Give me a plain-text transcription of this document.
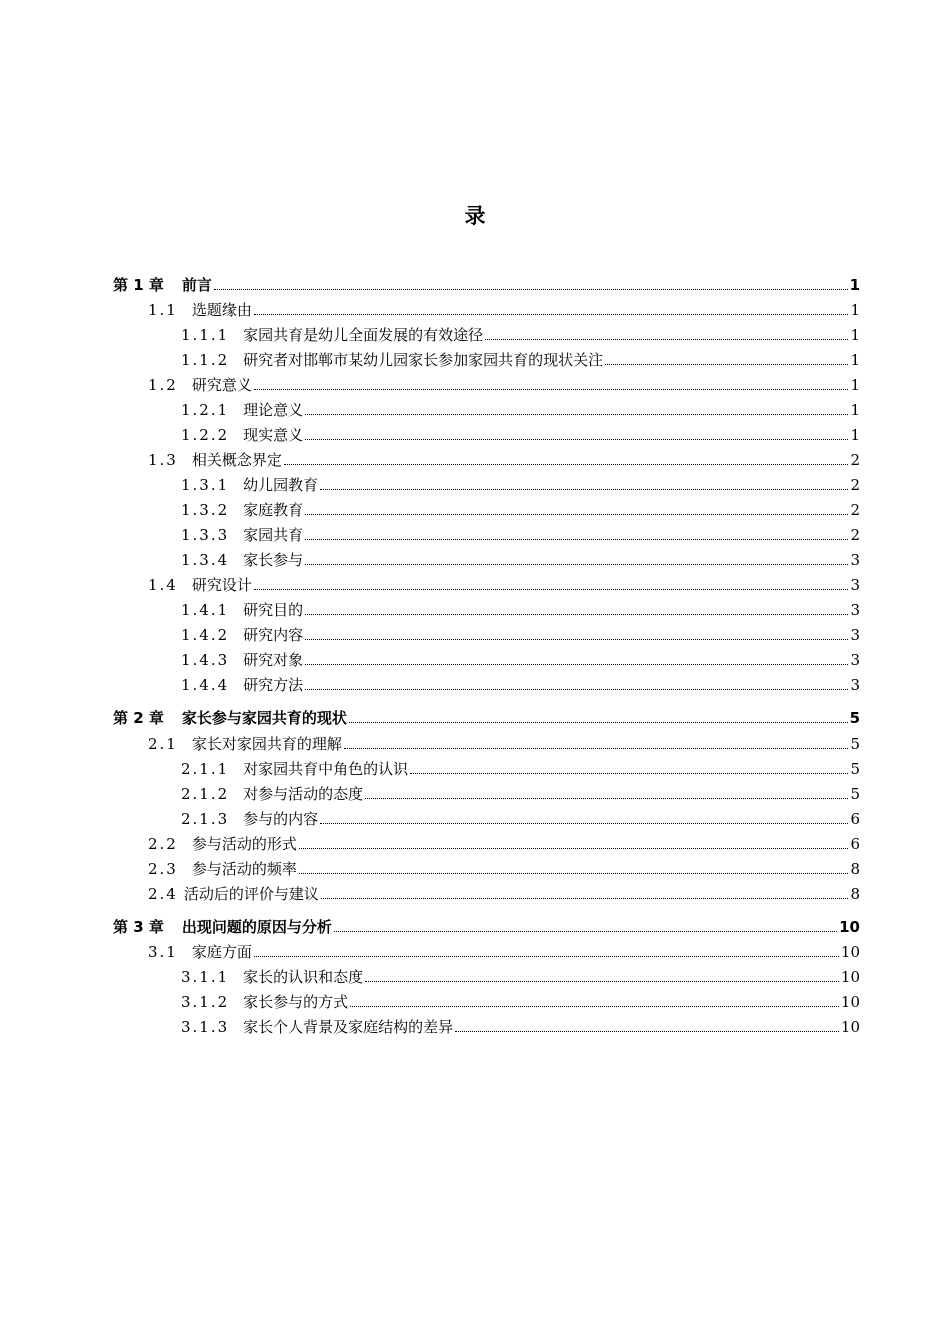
录
第 1 章 前言	1
1.1 选题缘由	1
1.1.1 家园共育是幼儿全面发展的有效途径	1
1.1.2 研究者对邯郸市某幼儿园家长参加家园共育的现状关注	1
1.2 研究意义	1
1.2.1 理论意义	1
1.2.2 现实意义	1
1.3 相关概念界定	2
1.3.1 幼儿园教育	2
1.3.2 家庭教育	2
1.3.3 家园共育	2
1.3.4 家长参与	3
1.4 研究设计	3
1.4.1 研究目的	3
1.4.2 研究内容	3
1.4.3 研究对象	3
1.4.4 研究方法	3
第 2 章 家长参与家园共育的现状	5
2.1 家长对家园共育的理解	5
2.1.1 对家园共育中角色的认识	5
2.1.2 对参与活动的态度	5
2.1.3 参与的内容	6
2.2 参与活动的形式	6
2.3 参与活动的频率	8
2.4 活动后的评价与建议	8
第 3 章 出现问题的原因与分析	10
3.1 家庭方面	10
3.1.1 家长的认识和态度	10
3.1.2 家长参与的方式	10
3.1.3 家长个人背景及家庭结构的差异	10
